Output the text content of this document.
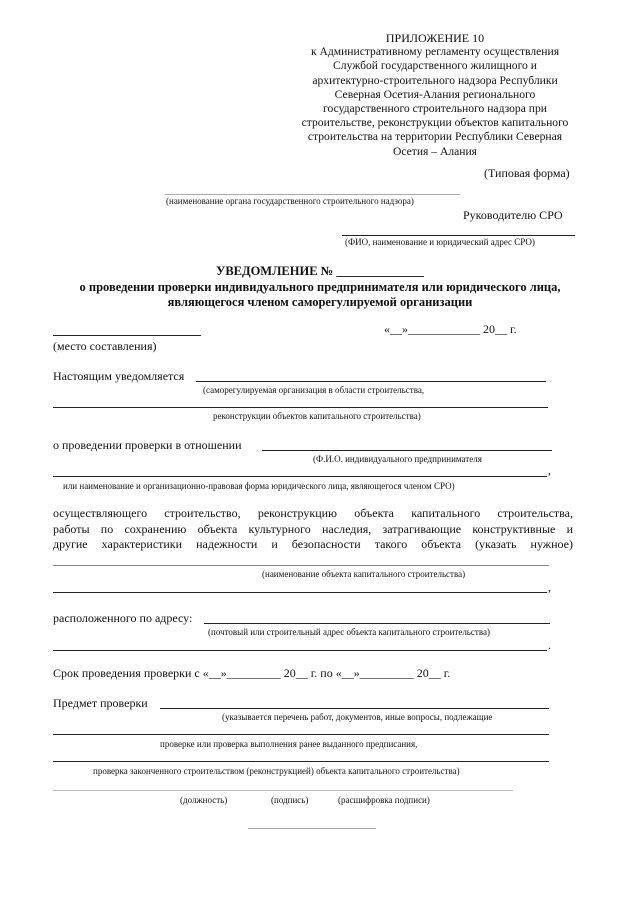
ПРИЛОЖЕНИЕ 10
к Административному регламенту осуществления
Службой государственного жилищного и
архитектурно-строительного надзора Республики
Северная Осетия-Алания регионального
государственного строительного надзора при
строительстве, реконструкции объектов капитального
строительства на территории Республики Северная
Осетия – Алания
(Типовая форма)
(наименование органа государственного строительного надзора)
Руководителю СРО
(ФИО, наименование и юридический адрес СРО)
УВЕДОМЛЕНИЕ № ______________
о проведении проверки индивидуального предпринимателя или юридического лица,
являющегося членом саморегулируемой организации
«__»____________ 20__ г.
(место составления)
Настоящим уведомляется
(саморегулируемая организация в области строительства,
реконструкции объектов капитального строительства)
о проведении проверки в отношении
(Ф.И.О. индивидуального предпринимателя
,
или наименование и организационно-правовая форма юридического лица, являющегося членом СРО)
осуществляющего строительство, реконструкцию объекта капитального строительства,
работы по сохранению объекта культурного наследия, затрагивающие конструктивные и
другие характеристики надежности и безопасности такого объекта (указать нужное)
(наименование объекта капитального строительства)
,
расположенного по адресу:
(почтовый или строительный адрес объекта капитального строительства)
.
Срок проведения проверки с «__»_________ 20__ г. по «__»_________ 20__ г.
Предмет проверки
(указывается перечень работ, документов, иные вопросы, подлежащие
проверке или проверка выполнения ранее выданного предписания,
проверка законченного строительством (реконструкцией) объекта капитального строительства)
(должность)	(подпись)	(расшифровка подписи)
